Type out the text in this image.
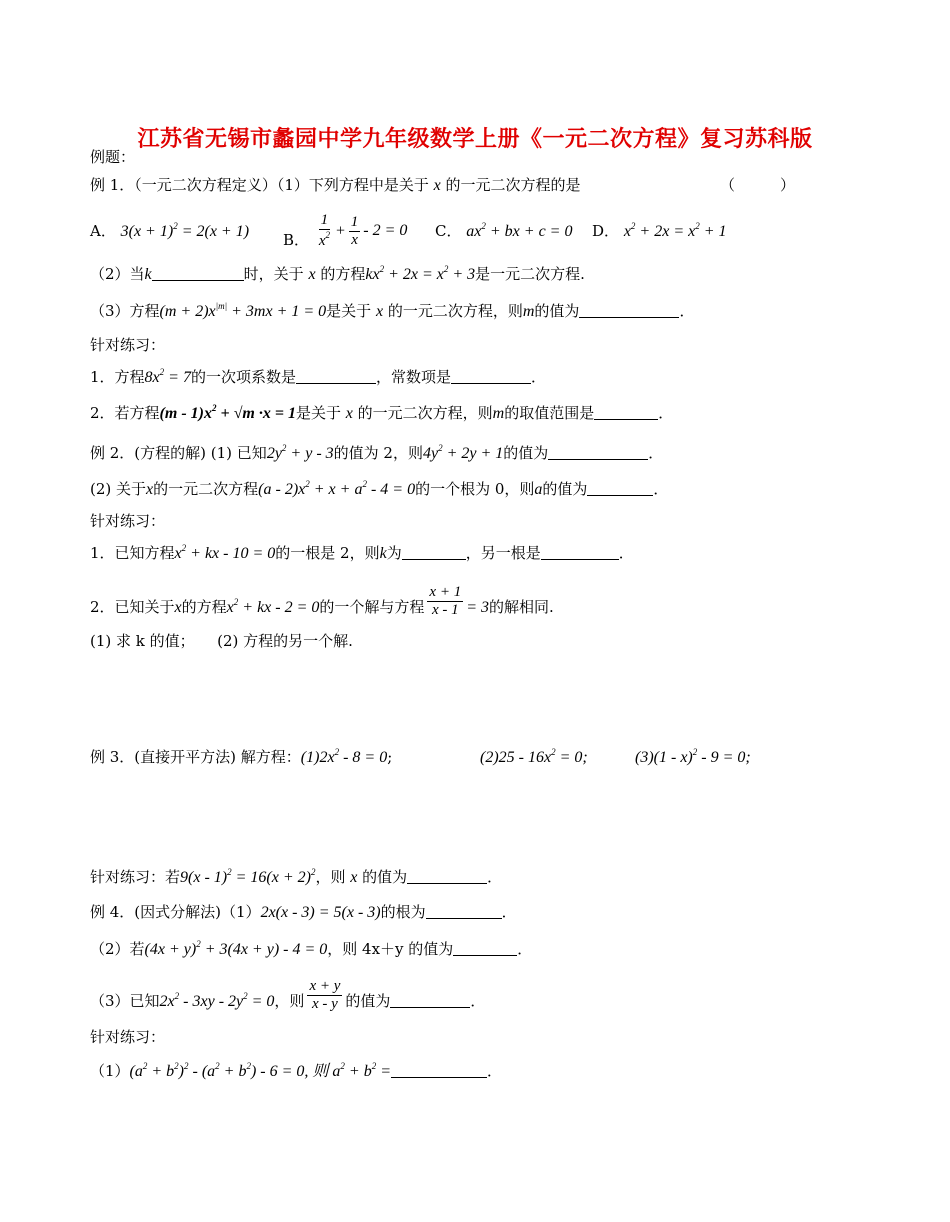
江苏省无锡市蠡园中学九年级数学上册《一元二次方程》复习苏科版
例题：
例 1．（一元二次方程定义）（1）下列方程中是关于 x 的一元二次方程的是	（　　　）
A． $3(x + 1)^2 = 2(x + 1)$ B． $\frac{1}{x^2} + \frac{1}{x} - 2 = 0$ C． $ax^2$ + bx + c = 0 D． $x^2 + 2x = x^2 + 1$
（2）当k	时，关于 x 的方程$kx^2 + 2x = x^2 + 3$是一元二次方程.
（3）方程$(m + 2)x^{|m|} + 3mx + 1 = 0$是关于 x 的一元二次方程，则m的值为	．
针对练习：
1．方程$8x^2 = 7$的一次项系数是	，常数项是	．
2．若方程$(m - 1)x^2 + √m \cdot x = 1$是关于 x 的一元二次方程，则m的取值范围是	．
例 2．(方程的解) (1) 已知$2y^2 + y - 3$的值为 2，则$4y^2 + 2y + 1$的值为	．
(2) 关于x的一元二次方程$(a - 2)x^2 + x + a^2 - 4 = 0$的一个根为 0，则a的值为	．
针对练习：
1．已知方程$x^2$ + kx - 10 = 0的一根是 2，则k为	，另一根是	．
2．已知关于x的方程$x^2$ + kx - 2 = 0的一个解与方程 $\frac{x + 1}{x - 1} = 3$的解相同.
(1) 求 k 的值；　　(2) 方程的另一个解.
例 3．(直接开平方法) 解方程：$(1)2x^2 - 8 = 0$;	$(2)25 - 16x^2 = 0$;	(3)(1 - x)$^2$ - 9 = 0;
针对练习：若$9(x - 1)^2 = 16(x + 2)^2$，则 x 的值为	．
例 4．(因式分解法)（1）2x(x - 3) = 5(x - 3)的根为	．
（2）若$(4x + y)^2 + 3(4x + y) - 4 = 0$，则 4x＋y 的值为	．
（3）已知$2x^2 - 3xy - 2y^2 = 0$，则 $\frac{x + y}{x - y}$ 的值为	．
针对练习：
$(1)(a^2 + b^2)^2 - (a^2 + b^2) - 6 = 0$, 则 $a^2 + b^2$ =	．
